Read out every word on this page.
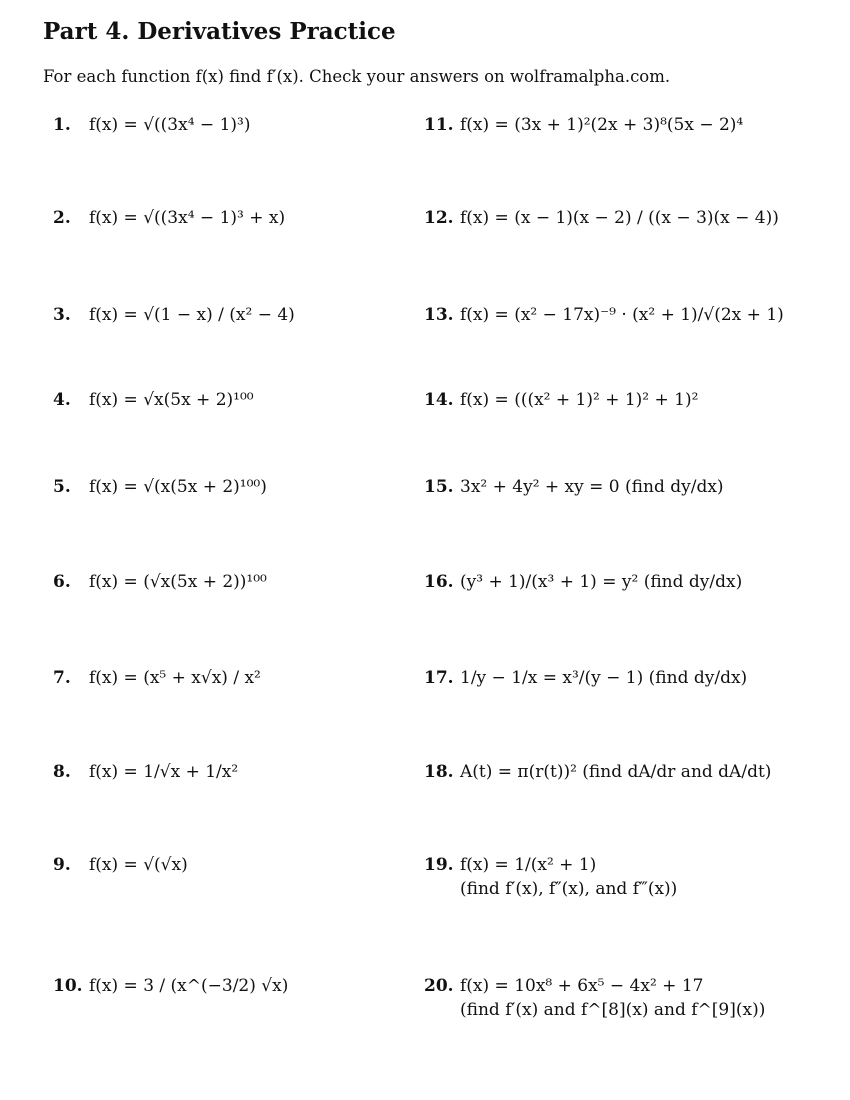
Part 4. Derivatives Practice
For each function f(x) find f′(x). Check your answers on wolframalpha.com.
1. f(x) = √((3x⁴ − 1)³)
2. f(x) = √((3x⁴ − 1)³ + x)
3. f(x) = √(1 − x) / (x² − 4)
4. f(x) = √x(5x + 2)¹⁰⁰
5. f(x) = √(x(5x + 2)¹⁰⁰)
6. f(x) = (√x(5x + 2))¹⁰⁰
7. f(x) = (x⁵ + x√x) / x²
8. f(x) = 1/√x + 1/x²
9. f(x) = √(√x)
10. f(x) = 3 / (x^(−3/2) √x)
11. f(x) = (3x + 1)²(2x + 3)⁸(5x − 2)⁴
12. f(x) = (x − 1)(x − 2) / ((x − 3)(x − 4))
13. f(x) = (x² − 17x)⁻⁹ · (x² + 1)/√(2x + 1)
14. f(x) = (((x² + 1)² + 1)² + 1)²
15. 3x² + 4y² + xy = 0 (find dy/dx)
16. (y³ + 1)/(x³ + 1) = y² (find dy/dx)
17. 1/y − 1/x = x³/(y − 1) (find dy/dx)
18. A(t) = π(r(t))² (find dA/dr and dA/dt)
19. f(x) = 1/(x² + 1)
(find f′(x), f″(x), and f‴(x))
20. f(x) = 10x⁸ + 6x⁵ − 4x² + 17
(find f′(x) and f^[8](x) and f^[9](x))
